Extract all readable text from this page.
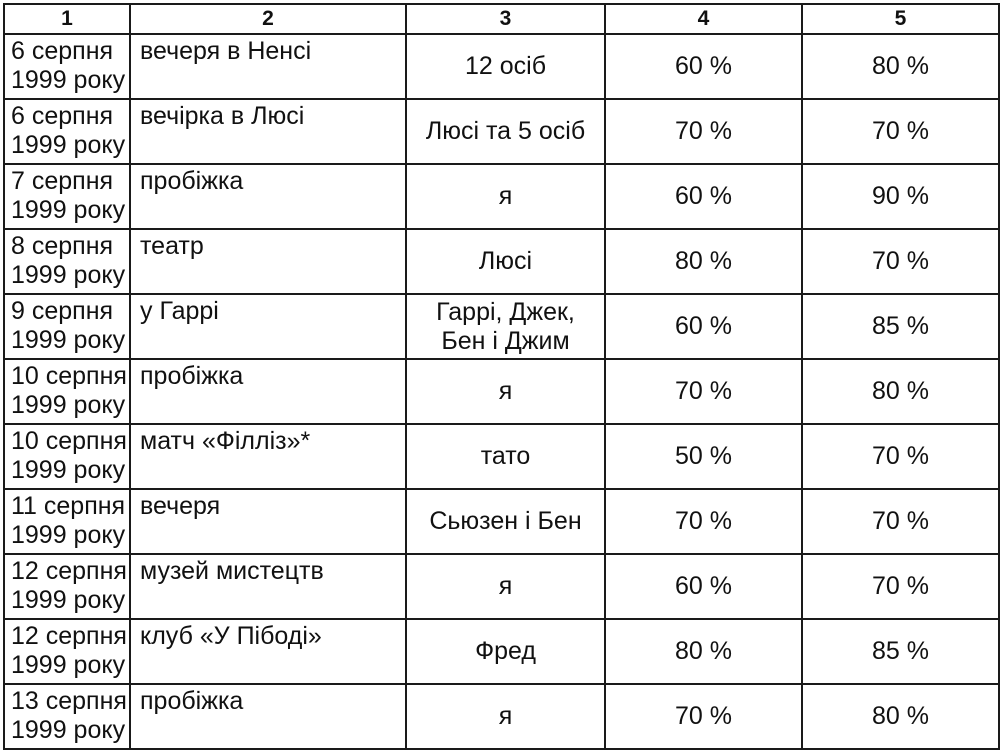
1	2	3	4	5

6 серпня
1999 року	вечеря в Ненсі	12 осіб	60 %	80 %

6 серпня
1999 року	вечірка в Люсі	Люсі та 5 осіб	70 %	70 %

7 серпня
1999 року	пробіжка	я	60 %	90 %

8 серпня
1999 року	театр	Люсі	80 %	70 %

9 серпня
1999 року	у Гаррі	Гаррі, Джек,
Бен і Джим	60 %	85 %

10 серпня
1999 року	пробіжка	я	70 %	80 %

10 серпня
1999 року	матч «Філліз»*	тато	50 %	70 %

11 серпня
1999 року	вечеря	Сьюзен і Бен	70 %	70 %

12 серпня
1999 року	музей мистецтв	я	60 %	70 %

12 серпня
1999 року	клуб «У Пібоді»	Фред	80 %	85 %

13 серпня
1999 року	пробіжка	я	70 %	80 %
